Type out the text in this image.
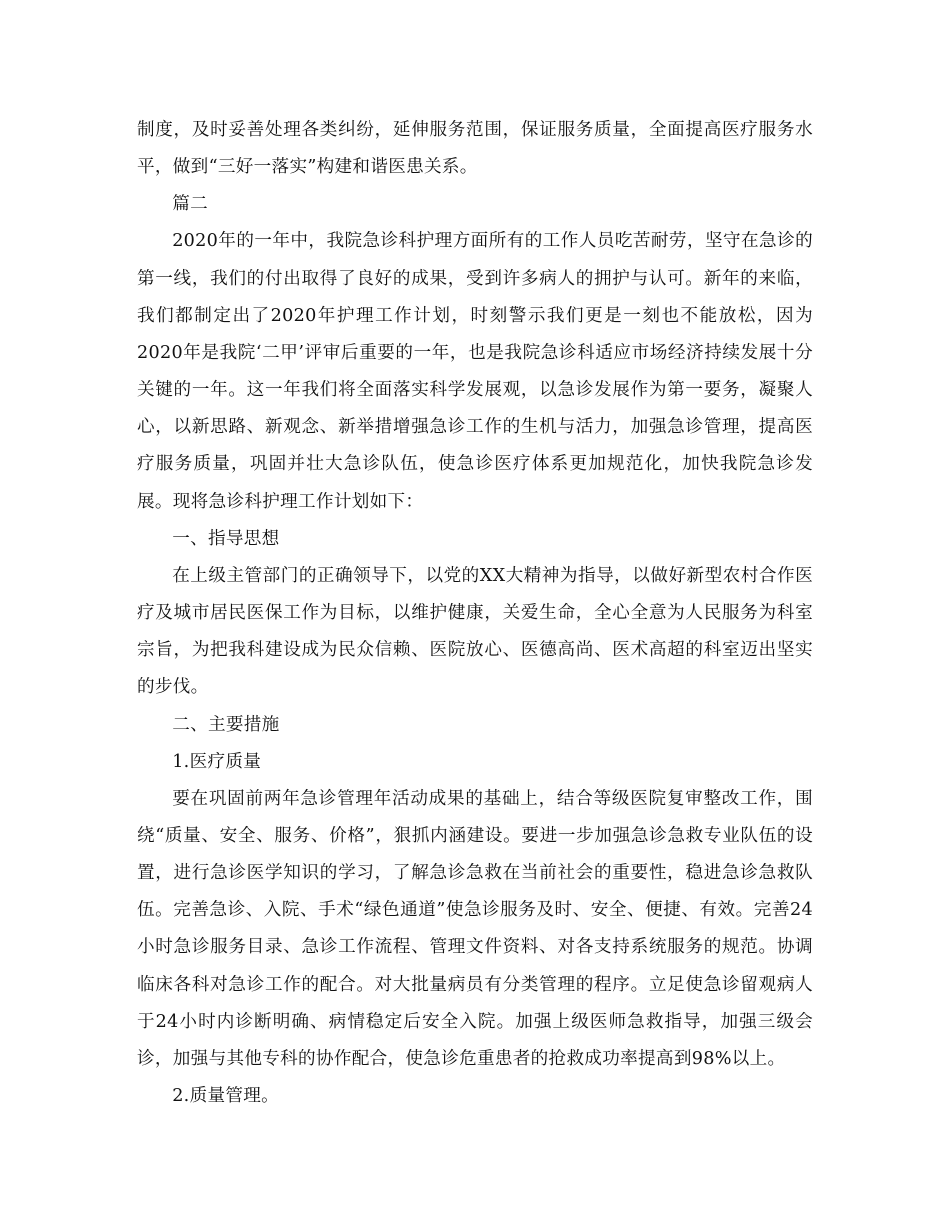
制度，及时妥善处理各类纠纷，延伸服务范围，保证服务质量，全面提高医疗服务水平，做到“三好一落实”构建和谐医患关系。

篇二

2020年的一年中，我院急诊科护理方面所有的工作人员吃苦耐劳，坚守在急诊的第一线，我们的付出取得了良好的成果，受到许多病人的拥护与认可。新年的来临，我们都制定出了2020年护理工作计划，时刻警示我们更是一刻也不能放松，因为2020年是我院‘二甲’评审后重要的一年，也是我院急诊科适应市场经济持续发展十分关键的一年。这一年我们将全面落实科学发展观，以急诊发展作为第一要务，凝聚人心，以新思路、新观念、新举措增强急诊工作的生机与活力，加强急诊管理，提高医疗服务质量，巩固并壮大急诊队伍，使急诊医疗体系更加规范化，加快我院急诊发展。现将急诊科护理工作计划如下：

一、指导思想

在上级主管部门的正确领导下，以党的XX大精神为指导，以做好新型农村合作医疗及城市居民医保工作为目标，以维护健康，关爱生命，全心全意为人民服务为科室宗旨，为把我科建设成为民众信赖、医院放心、医德高尚、医术高超的科室迈出坚实的步伐。

二、主要措施

1.医疗质量

要在巩固前两年急诊管理年活动成果的基础上，结合等级医院复审整改工作，围绕“质量、安全、服务、价格”，狠抓内涵建设。要进一步加强急诊急救专业队伍的设置，进行急诊医学知识的学习，了解急诊急救在当前社会的重要性，稳进急诊急救队伍。完善急诊、入院、手术“绿色通道”使急诊服务及时、安全、便捷、有效。完善24小时急诊服务目录、急诊工作流程、管理文件资料、对各支持系统服务的规范。协调临床各科对急诊工作的配合。对大批量病员有分类管理的程序。立足使急诊留观病人于24小时内诊断明确、病情稳定后安全入院。加强上级医师急救指导，加强三级会诊，加强与其他专科的协作配合，使急诊危重患者的抢救成功率提高到98%以上。

2.质量管理。
